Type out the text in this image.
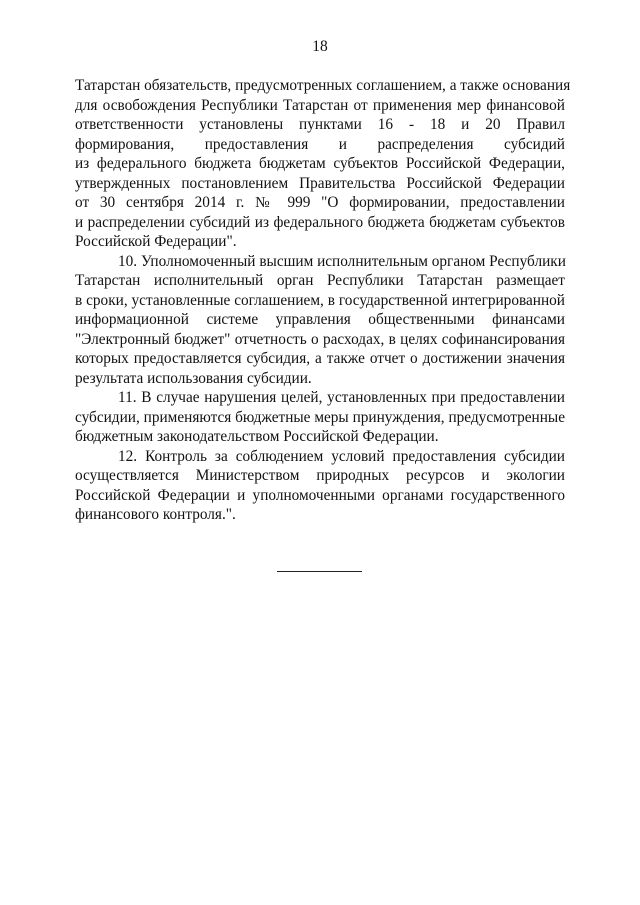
18
Татарстан обязательств, предусмотренных соглашением, а также основания
для освобождения Республики Татарстан от применения мер финансовой
ответственности установлены пунктами 16 - 18 и 20 Правил
формирования, предоставления и распределения субсидий
из федерального бюджета бюджетам субъектов Российской Федерации,
утвержденных постановлением Правительства Российской Федерации
от 30 сентября 2014 г. № 999 "О формировании, предоставлении
и распределении субсидий из федерального бюджета бюджетам субъектов
Российской Федерации".
10. Уполномоченный высшим исполнительным органом Республики
Татарстан исполнительный орган Республики Татарстан размещает
в сроки, установленные соглашением, в государственной интегрированной
информационной системе управления общественными финансами
"Электронный бюджет" отчетность о расходах, в целях софинансирования
которых предоставляется субсидия, а также отчет о достижении значения
результата использования субсидии.
11. В случае нарушения целей, установленных при предоставлении
субсидии, применяются бюджетные меры принуждения, предусмотренные
бюджетным законодательством Российской Федерации.
12. Контроль за соблюдением условий предоставления субсидии
осуществляется Министерством природных ресурсов и экологии
Российской Федерации и уполномоченными органами государственного
финансового контроля.".
